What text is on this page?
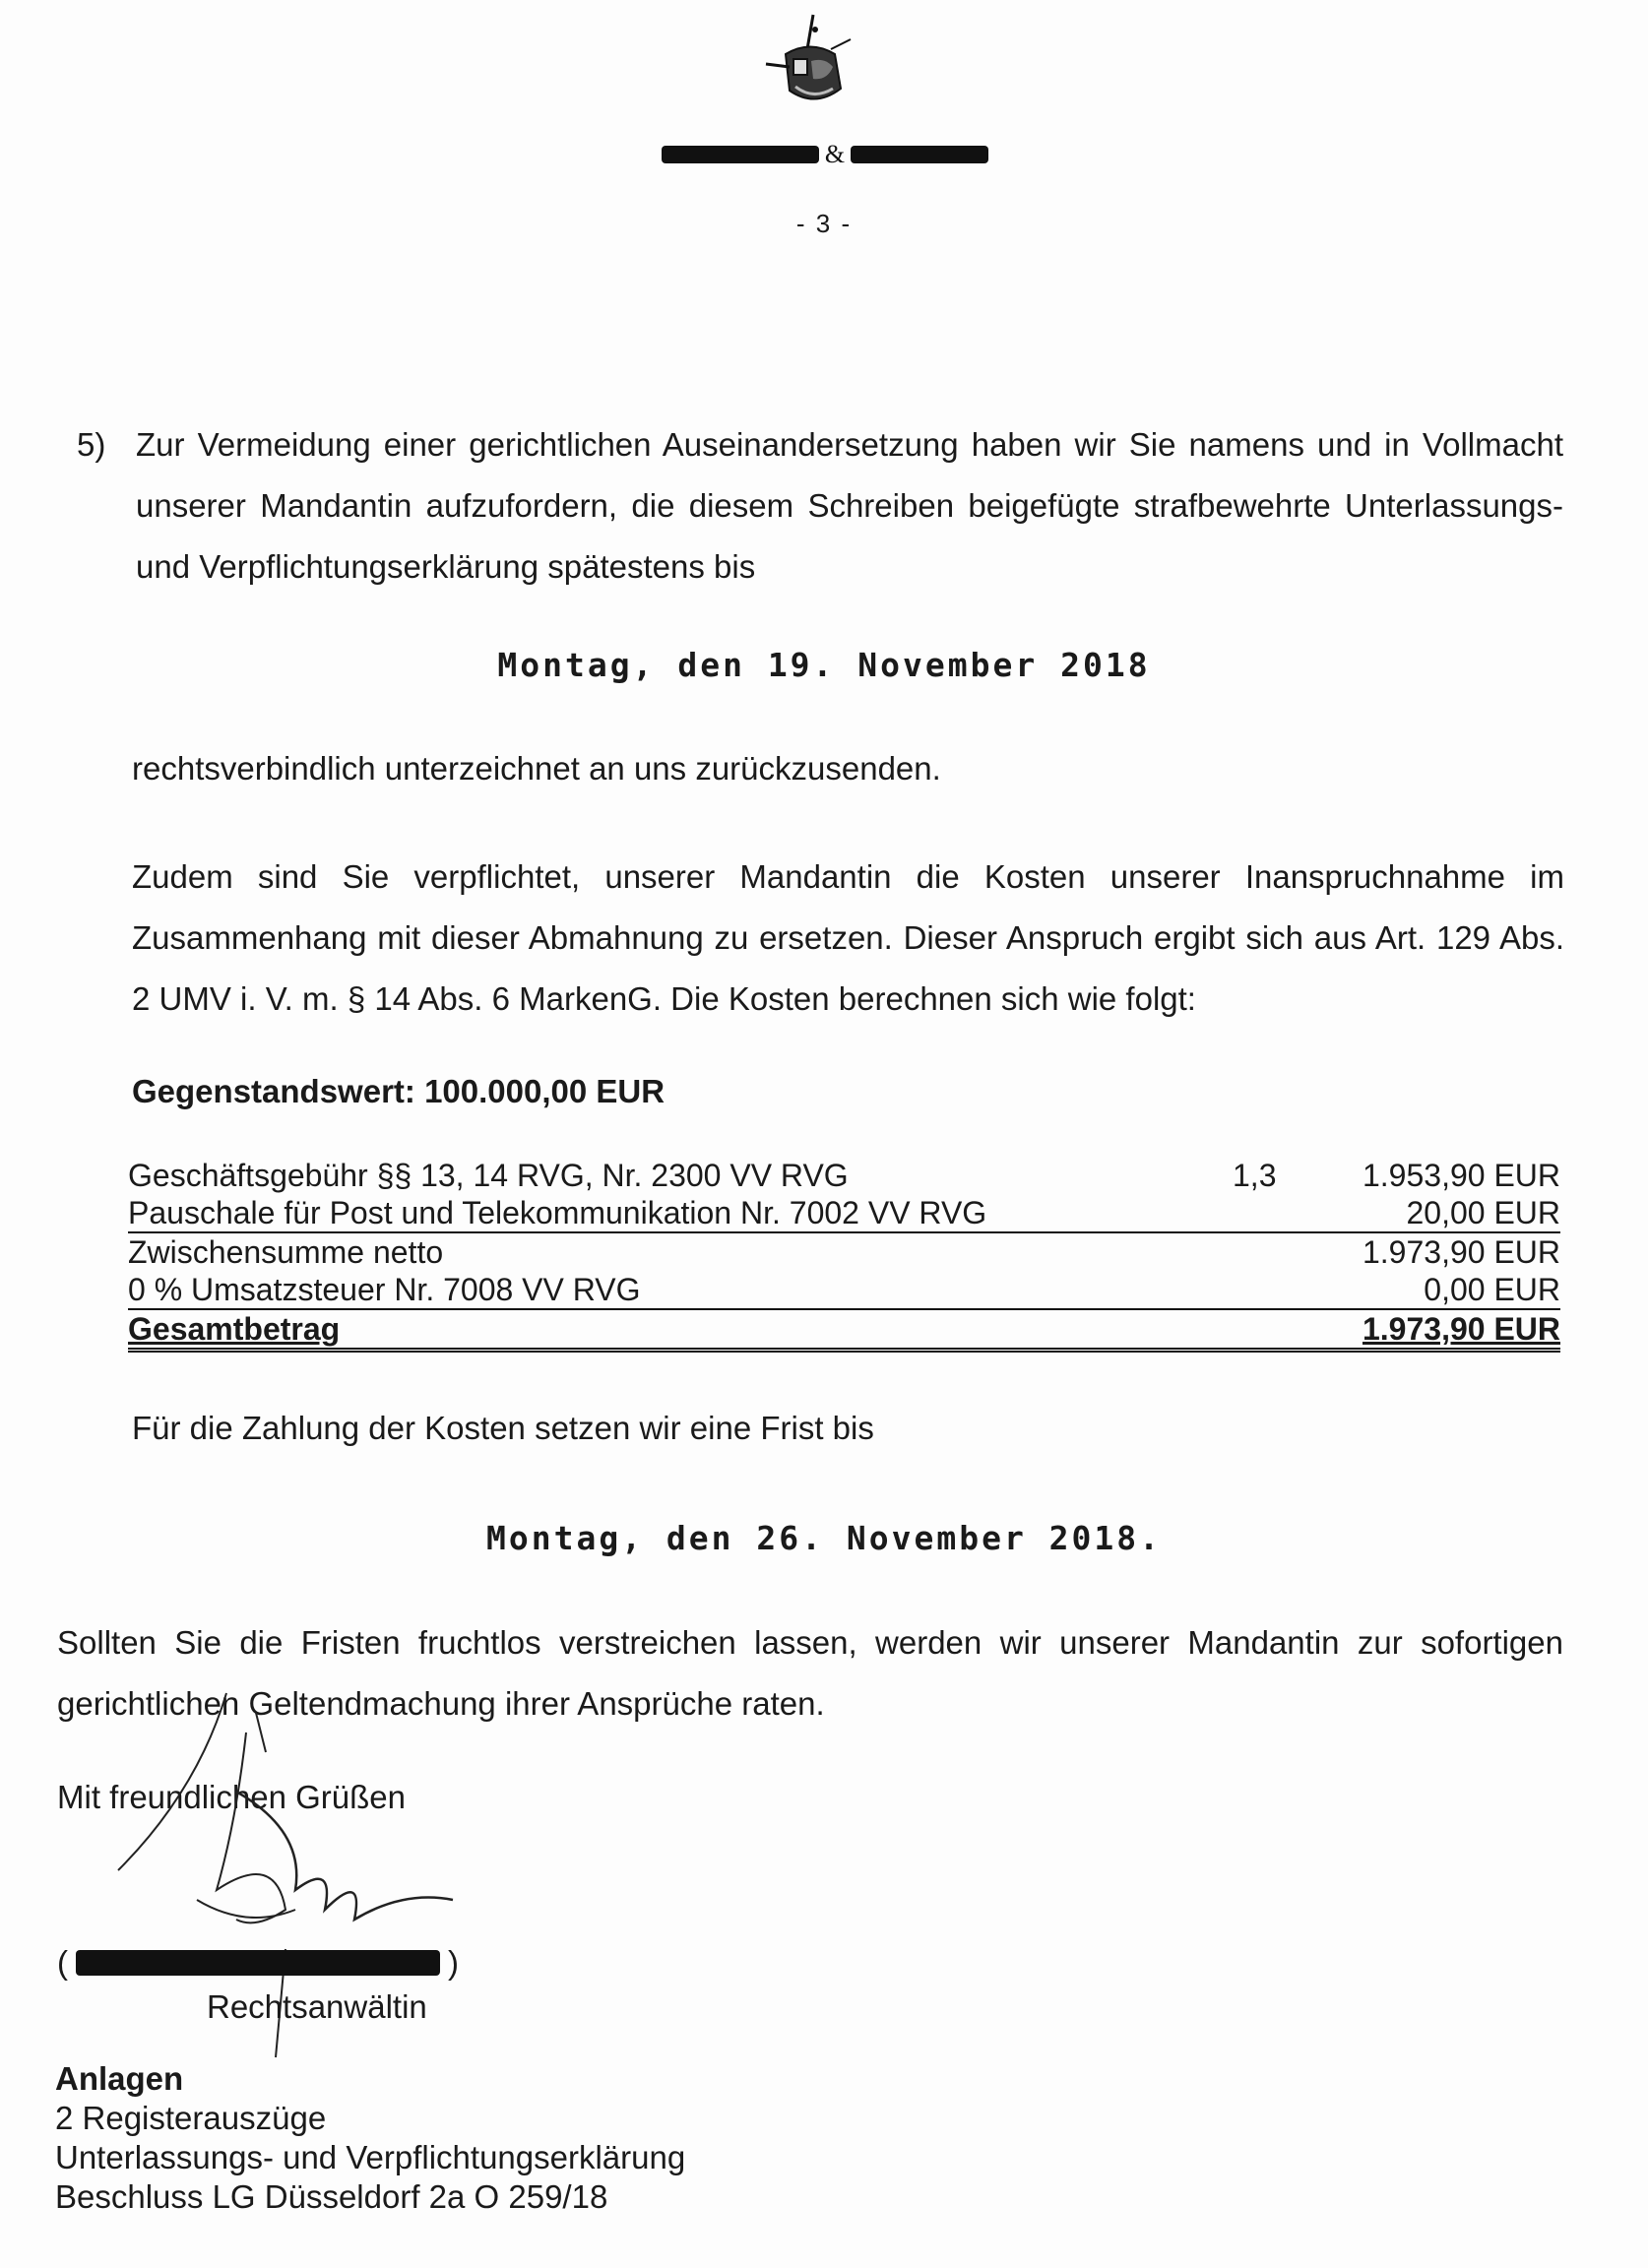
&
- 3 -
5) Zur Vermeidung einer gerichtlichen Auseinandersetzung haben wir Sie namens und in Vollmacht unserer Mandantin aufzufordern, die diesem Schreiben beigefügte strafbewehrte Unterlassungs- und Verpflichtungserklärung spätestens bis
Montag, den 19. November 2018
rechtsverbindlich unterzeichnet an uns zurückzusenden.
Zudem sind Sie verpflichtet, unserer Mandantin die Kosten unserer Inanspruchnahme im Zusammenhang mit dieser Abmahnung zu ersetzen. Dieser Anspruch ergibt sich aus Art. 129 Abs. 2 UMV i. V. m. § 14 Abs. 6 MarkenG. Die Kosten berechnen sich wie folgt:
Gegenstandswert: 100.000,00 EUR
Geschäftsgebühr §§ 13, 14 RVG, Nr. 2300 VV RVG	1,3	1.953,90 EUR
Pauschale für Post und Telekommunikation Nr. 7002 VV RVG	20,00 EUR
Zwischensumme netto	1.973,90 EUR
0 % Umsatzsteuer Nr. 7008 VV RVG	0,00 EUR
Gesamtbetrag	1.973,90 EUR
Für die Zahlung der Kosten setzen wir eine Frist bis
Montag, den 26. November 2018.
Sollten Sie die Fristen fruchtlos verstreichen lassen, werden wir unserer Mandantin zur sofortigen gerichtlichen Geltendmachung ihrer Ansprüche raten.
Mit freundlichen Grüßen
(	)
Rechtsanwältin
Anlagen
2 Registerauszüge
Unterlassungs- und Verpflichtungserklärung
Beschluss LG Düsseldorf 2a O 259/18
